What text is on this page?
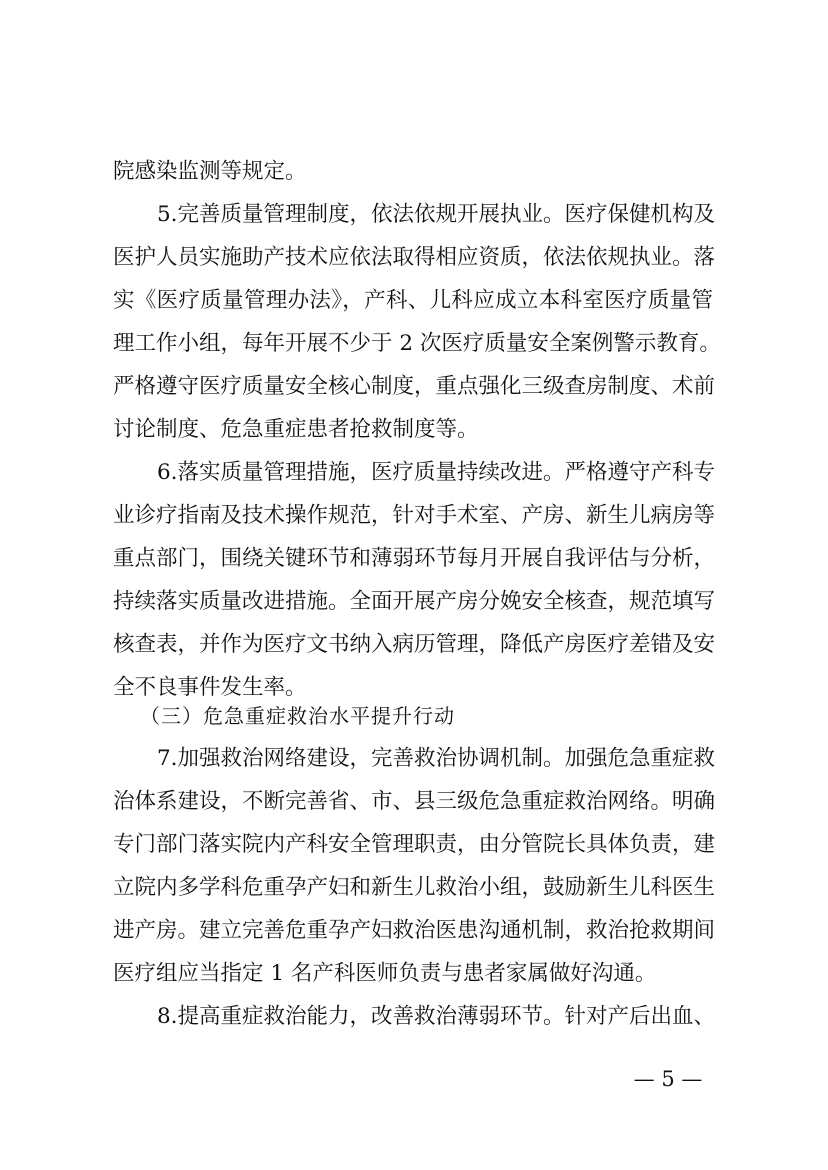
院感染监测等规定。
5.完善质量管理制度，依法依规开展执业。医疗保健机构及
医护人员实施助产技术应依法取得相应资质，依法依规执业。落
实《医疗质量管理办法》，产科、儿科应成立本科室医疗质量管
理工作小组，每年开展不少于 2 次医疗质量安全案例警示教育。
严格遵守医疗质量安全核心制度，重点强化三级查房制度、术前
讨论制度、危急重症患者抢救制度等。
6.落实质量管理措施，医疗质量持续改进。严格遵守产科专
业诊疗指南及技术操作规范，针对手术室、产房、新生儿病房等
重点部门，围绕关键环节和薄弱环节每月开展自我评估与分析，
持续落实质量改进措施。全面开展产房分娩安全核查，规范填写
核查表，并作为医疗文书纳入病历管理，降低产房医疗差错及安
全不良事件发生率。
（三）危急重症救治水平提升行动
7.加强救治网络建设，完善救治协调机制。加强危急重症救
治体系建设，不断完善省、市、县三级危急重症救治网络。明确
专门部门落实院内产科安全管理职责，由分管院长具体负责，建
立院内多学科危重孕产妇和新生儿救治小组，鼓励新生儿科医生
进产房。建立完善危重孕产妇救治医患沟通机制，救治抢救期间
医疗组应当指定 1 名产科医师负责与患者家属做好沟通。
8.提高重症救治能力，改善救治薄弱环节。针对产后出血、
— 5 —
